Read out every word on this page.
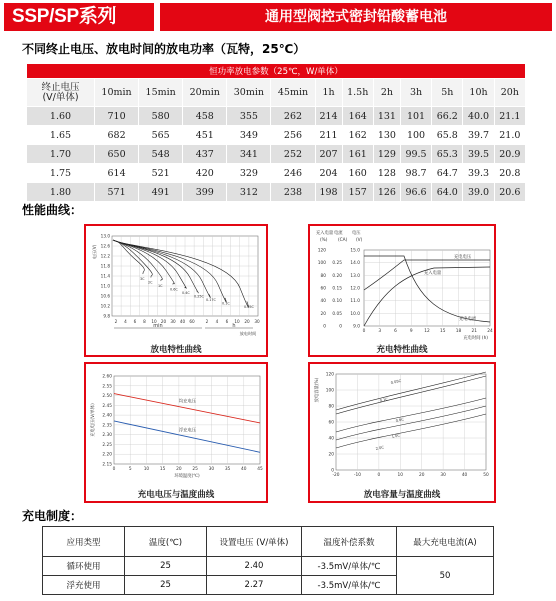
SSP/SP系列	通用型阀控式密封铅酸蓄电池
不同终止电压、放电时间的放电功率（瓦特，25℃）
恒功率放电参数（25℃，W/单体）												
终止电压
(V/单体)	10min	15min	20min	30min	45min	1h	1.5h	2h	3h	5h	10h	20h
1.60	710	580	458	355	262	214	164	131	101	66.2	40.0	21.1
1.65	682	565	451	349	256	211	162	130	100	65.8	39.7	21.0
1.70	650	548	437	341	252	207	161	129	99.5	65.3	39.5	20.9
1.75	614	521	420	329	246	204	160	128	98.7	64.7	39.3	20.8
1.80	571	491	399	312	238	198	157	126	96.6	64.0	39.0	20.6
性能曲线：
13.0
12.6
12.2
11.8
11.4
11.0
10.6
10.2
9.8
电压(V)
2 4 6 8 10 20 30 40 60	2 4 6 10 20 30
min	h
放电时间
3C
2C
1C
0.6C
0.4C
0.25C
0.17C
0.1C
0.05C
放电特性曲线
充入电量 电流 电压
(%) (CA) (V)
120
100
80
60
40
20
0
0.25
0.20
0.15
0.10
0.05
0
15.0
14.0
13.0
12.0
11.0
10.0
9.0
0	3	6	9	12 15 18 21 24
充电时间 (h)
充电电压
充入电量
充电电流
充电特性曲线
2.60
2.55
2.50
2.45
2.40
2.35
2.30
2.25
2.20
2.15
0	5	10	15	20	25	30	35	40	45
充电电压(V/单体)
环境温度(℃)
均充电压
浮充电压
充电电压与温度曲线
120
100
80
60
40
20
0
-20	-10	0	10	20	30	40	50
放电容量(%)	0.05C
0.1C
0.6C
1.0C
2.0C
放电容量与温度曲线
充电制度：
应用类型	温度(℃)	设置电压 (V/单体)	温度补偿系数	最大充电电流(A)
循环使用	25	2.40	-3.5mV/单体/℃	50
浮充使用	25	2.27	-3.5mV/单体/℃	
